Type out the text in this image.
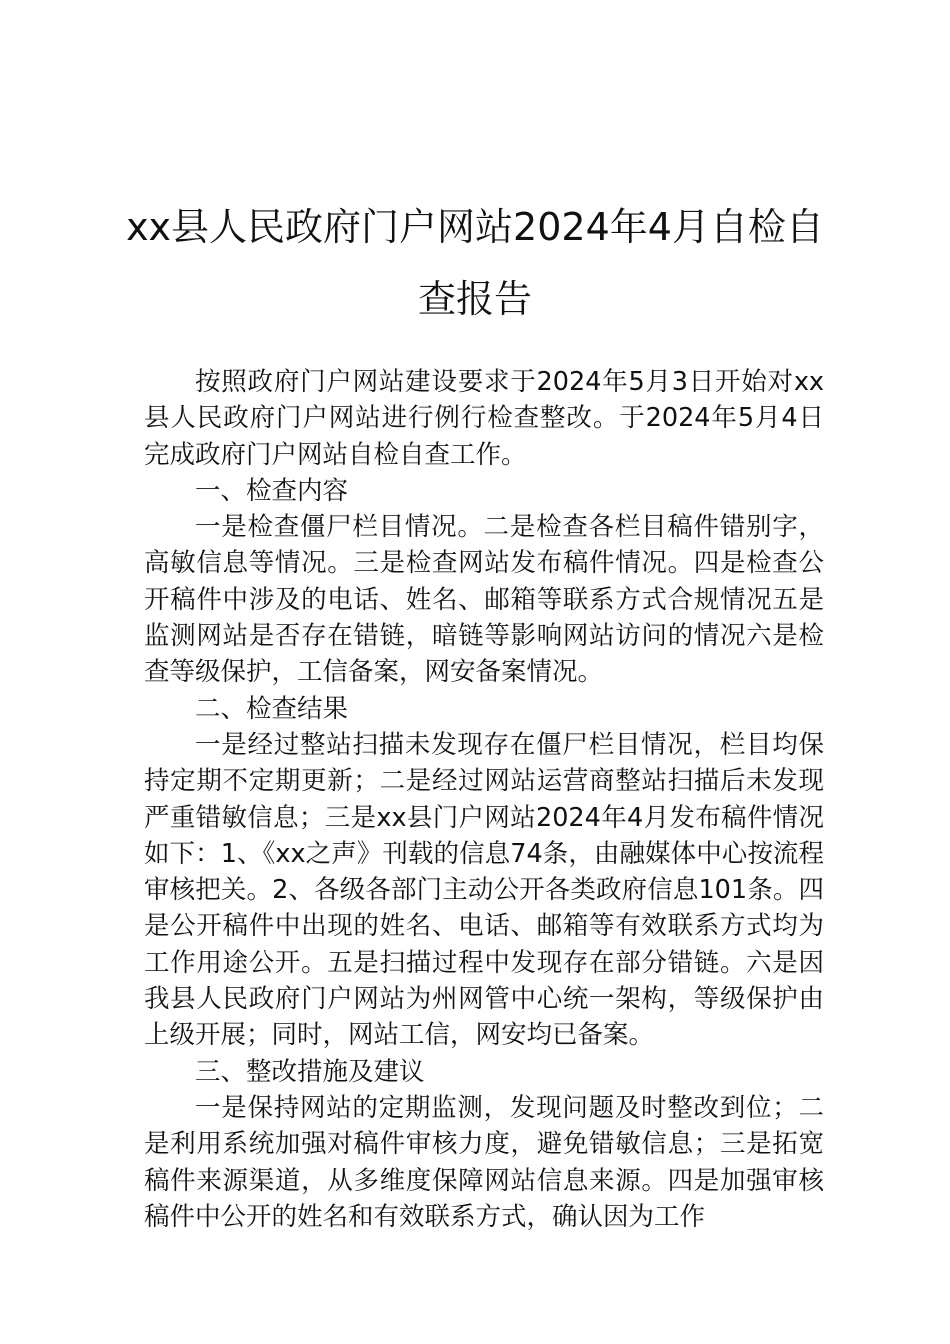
xx县人民政府门户网站2024年4月自检自
查报告

按照政府门户网站建设要求于2024年5月3日开始对xx县人民政府门户网站进行例行检查整改。于2024年5月4日完成政府门户网站自检自查工作。

一、检查内容

一是检查僵尸栏目情况。二是检查各栏目稿件错别字，高敏信息等情况。三是检查网站发布稿件情况。四是检查公开稿件中涉及的电话、姓名、邮箱等联系方式合规情况五是监测网站是否存在错链，暗链等影响网站访问的情况六是检查等级保护，工信备案，网安备案情况。

二、检查结果

一是经过整站扫描未发现存在僵尸栏目情况，栏目均保持定期不定期更新；二是经过网站运营商整站扫描后未发现严重错敏信息；三是xx县门户网站2024年4月发布稿件情况如下：1、《xx之声》刊载的信息74条，由融媒体中心按流程审核把关。2、各级各部门主动公开各类政府信息101条。四是公开稿件中出现的姓名、电话、邮箱等有效联系方式均为工作用途公开。五是扫描过程中发现存在部分错链。六是因我县人民政府门户网站为州网管中心统一架构，等级保护由上级开展；同时，网站工信，网安均已备案。

三、整改措施及建议

一是保持网站的定期监测，发现问题及时整改到位；二是利用系统加强对稿件审核力度，避免错敏信息；三是拓宽稿件来源渠道，从多维度保障网站信息来源。四是加强审核稿件中公开的姓名和有效联系方式，确认因为工作
